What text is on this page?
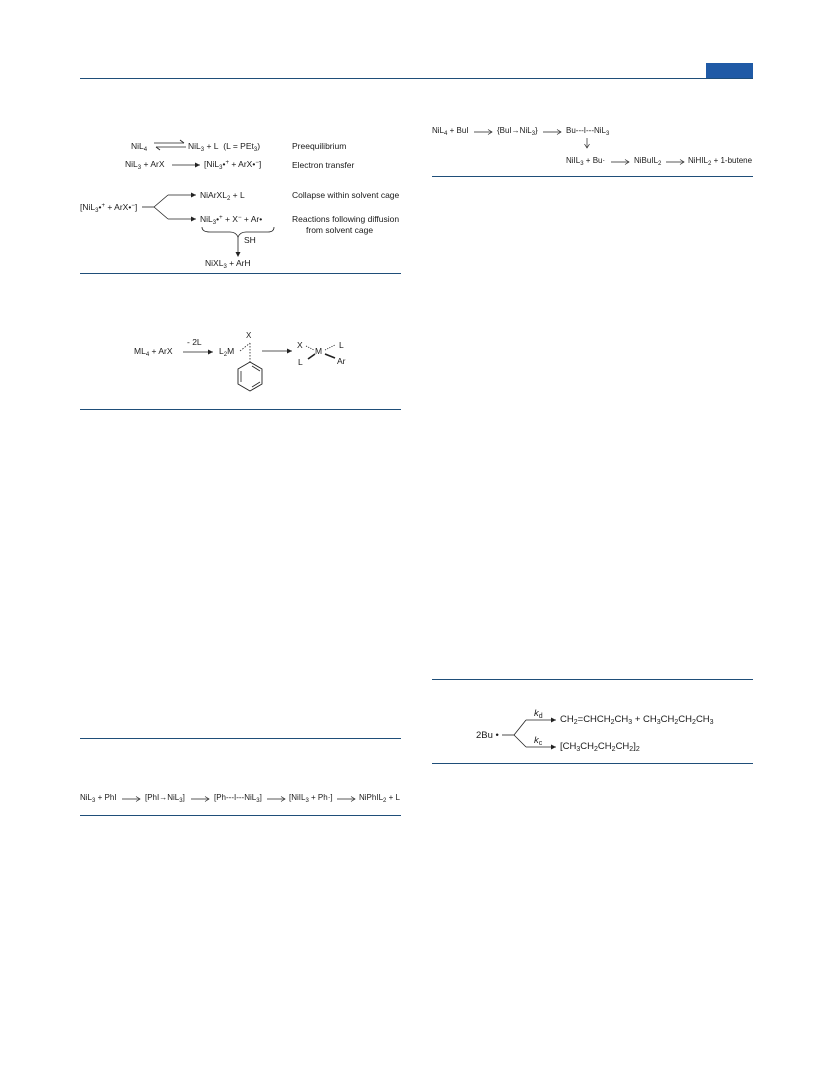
NiL$_4$ ⇌ NiL$_3$ + L  (L = PEt$_3$)	Preequilibrium
NiL$_3$ + ArX	[NiL$_3$•+ + ArX•−]	Electron transfer
[NiL$_3$•+ + ArX•−]
NiArXL$_2$ + L	Collapse within solvent cage
NiL$_3$•+ + X− + Ar•	Reactions following diffusion
from solvent cage
SH
NiXL$_3$ + ArH
$ML_4$ + ArX
- 2L
$L_2M$
X
X
M
L
L	Ar
NiL$_3$ + PhI	[PhI→NiL$_3$]	[Ph---I---NiL$_3$]	[NiIL$_3$ + Ph·]	NiPhIL$_2$ + L
NiL$_4$ + BuI	{BuI→NiL$_3$}	Bu---I---NiL$_3$
NiIL$_3$ + Bu·	NiBuIL$_2$	NiHIL$_2$ + 1-butene
2Bu •
$k_d$
$k_c$
$CH_2=CHCH_2CH_3 + CH_3CH_2CH_2CH_3$
$[CH_3CH_2CH_2CH_2]_2$
